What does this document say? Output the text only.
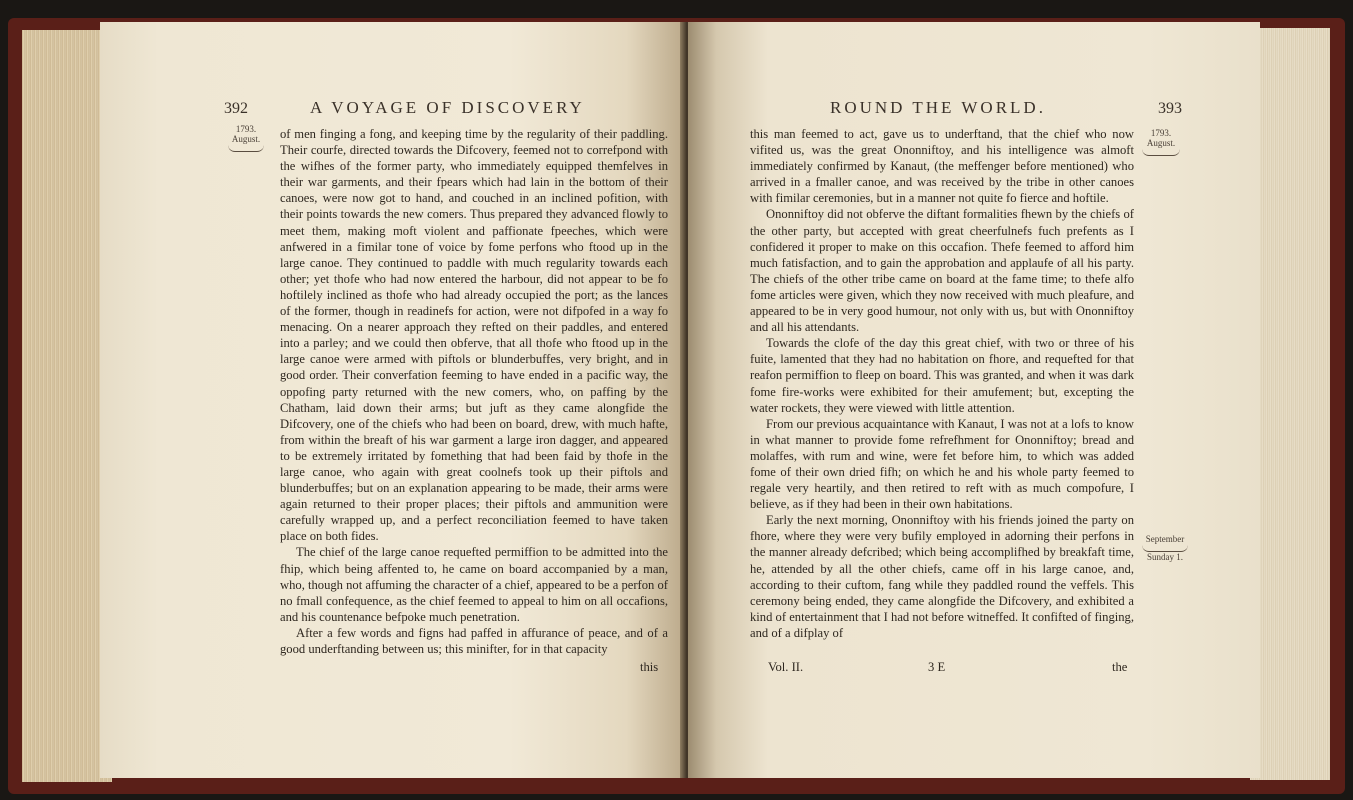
392	A VOYAGE OF DISCOVERY
1793.
August.	of men finging a fong, and keeping time by the regularity of their paddling. Their courfe, directed towards the Difcovery, feemed not to correfpond with the wifhes of the former party, who immediately equipped themfelves in their war garments, and their fpears which had lain in the bottom of their canoes, were now got to hand, and couched in an inclined pofition, with their points towards the new comers. Thus prepared they advanced flowly to meet them, making moft violent and paffionate fpeeches, which were anfwered in a fimilar tone of voice by fome perfons who ftood up in the large canoe. They continued to paddle with much regularity towards each other; yet thofe who had now entered the harbour, did not appear to be fo hoftilely inclined as thofe who had already occupied the port; as the lances of the former, though in readinefs for action, were not difpofed in a way fo menacing. On a nearer approach they refted on their paddles, and entered into a parley; and we could then obferve, that all thofe who ftood up in the large canoe were armed with piftols or blunderbuffes, very bright, and in good order. Their converfation feeming to have ended in a pacific way, the oppofing party returned with the new comers, who, on paffing by the Chatham, laid down their arms; but juft as they came alongfide the Difcovery, one of the chiefs who had been on board, drew, with much hafte, from within the breaft of his war garment a large iron dagger, and appeared to be extremely irritated by fomething that had been faid by thofe in the large canoe, who again with great coolnefs took up their piftols and blunderbuffes; but on an explanation appearing to be made, their arms were again returned to their proper places; their piftols and ammunition were carefully wrapped up, and a perfect reconciliation feemed to have taken place on both fides.

The chief of the large canoe requefted permiffion to be admitted into the fhip, which being affented to, he came on board accompanied by a man, who, though not affuming the character of a chief, appeared to be a perfon of no fmall confequence, as the chief feemed to appeal to him on all occafions, and his countenance befpoke much penetration.

After a few words and figns had paffed in affurance of peace, and of a good underftanding between us; this minifter, for in that capacity

this
ROUND THE WORLD.	393
1793.
August.
September
Sunday 1.

this man feemed to act, gave us to underftand, that the chief who now vifited us, was the great Ononniftoy, and his intelligence was almoft immediately confirmed by Kanaut, (the meffenger before mentioned) who arrived in a fmaller canoe, and was received by the tribe in other canoes with fimilar ceremonies, but in a manner not quite fo fierce and hoftile.

Ononniftoy did not obferve the diftant formalities fhewn by the chiefs of the other party, but accepted with great cheerfulnefs fuch prefents as I confidered it proper to make on this occafion. Thefe feemed to afford him much fatisfaction, and to gain the approbation and applaufe of all his party. The chiefs of the other tribe came on board at the fame time; to thefe alfo fome articles were given, which they now received with much pleafure, and appeared to be in very good humour, not only with us, but with Ononniftoy and all his attendants.

Towards the clofe of the day this great chief, with two or three of his fuite, lamented that they had no habitation on fhore, and requefted for that reafon permiffion to fleep on board. This was granted, and when it was dark fome fire-works were exhibited for their amufement; but, excepting the water rockets, they were viewed with little attention.

From our previous acquaintance with Kanaut, I was not at a lofs to know in what manner to provide fome refrefhment for Ononniftoy; bread and molaffes, with rum and wine, were fet before him, to which was added fome of their own dried fifh; on which he and his whole party feemed to regale very heartily, and then retired to reft with as much compofure, I believe, as if they had been in their own habitations.

Early the next morning, Ononniftoy with his friends joined the party on fhore, where they were very bufily employed in adorning their perfons in the manner already defcribed; which being accomplifhed by breakfaft time, he, attended by all the other chiefs, came off in his large canoe, and, according to their cuftom, fang while they paddled round the veffels. This ceremony being ended, they came alongfide the Difcovery, and exhibited a kind of entertainment that I had not before witneffed. It confifted of finging, and of a difplay of

Vol. II.	3 E	the
